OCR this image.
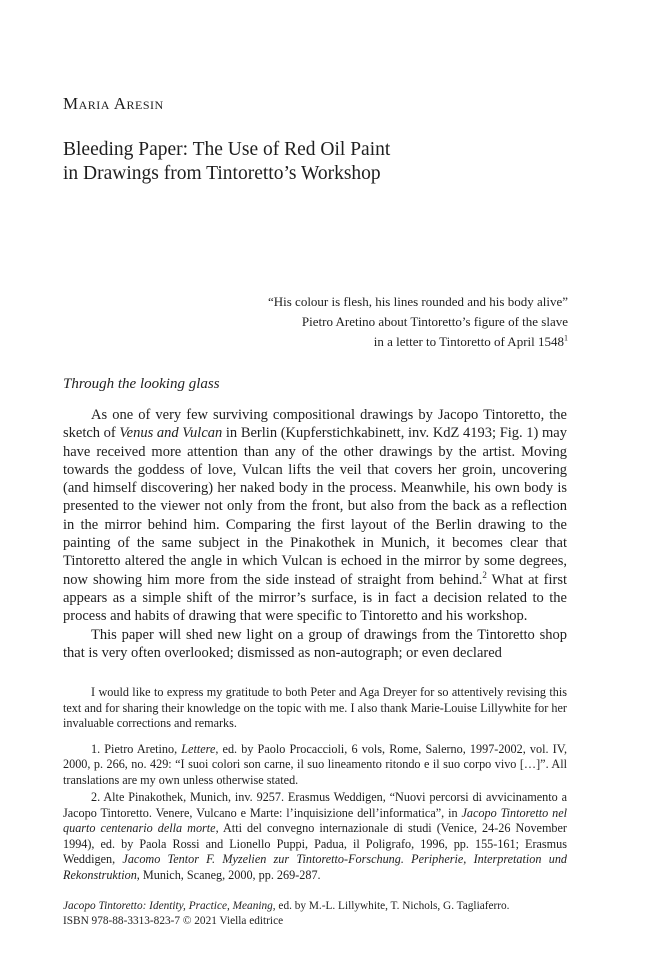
Maria Aresin
Bleeding Paper: The Use of Red Oil Paint
in Drawings from Tintoretto’s Workshop
“His colour is flesh, his lines rounded and his body alive”
Pietro Aretino about Tintoretto’s figure of the slave
in a letter to Tintoretto of April 1548$^1$
Through the looking glass

As one of very few surviving compositional drawings by Jacopo Tintoretto, the sketch of Venus and Vulcan in Berlin (Kupferstichkabinett, inv. KdZ 4193; Fig. 1) may have received more attention than any of the other drawings by the artist. Moving towards the goddess of love, Vulcan lifts the veil that covers her groin, uncovering (and himself discovering) her naked body in the process. Meanwhile, his own body is presented to the viewer not only from the front, but also from the back as a reflection in the mirror behind him. Comparing the first layout of the Berlin drawing to the painting of the same subject in the Pinakothek in Munich, it becomes clear that Tintoretto altered the angle in which Vulcan is echoed in the mirror by some degrees, now showing him more from the side instead of straight from behind.$^2$ What at first appears as a simple shift of the mirror’s surface, is in fact a decision related to the process and habits of drawing that were specific to Tintoretto and his workshop.

This paper will shed new light on a group of drawings from the Tintoretto shop that is very often overlooked; dismissed as non-autograph; or even declared

I would like to express my gratitude to both Peter and Aga Dreyer for so attentively revising this text and for sharing their knowledge on the topic with me. I also thank Marie-Louise Lillywhite for her invaluable corrections and remarks.

1. Pietro Aretino, Lettere, ed. by Paolo Procaccioli, 6 vols, Rome, Salerno, 1997-2002, vol. IV, 2000, p. 266, no. 429: “I suoi colori son carne, il suo lineamento ritondo e il suo corpo vivo […]”. All translations are my own unless otherwise stated.

2. Alte Pinakothek, Munich, inv. 9257. Erasmus Weddigen, “Nuovi percorsi di avvicinamento a Jacopo Tintoretto. Venere, Vulcano e Marte: l’inquisizione dell’informatica”, in Jacopo Tintoretto nel quarto centenario della morte, Atti del convegno internazionale di studi (Venice, 24-26 November 1994), ed. by Paola Rossi and Lionello Puppi, Padua, il Poligrafo, 1996, pp. 155-161; Erasmus Weddigen, Jacomo Tentor F. Myzelien zur Tintoretto-Forschung. Peripherie, Interpretation und Rekonstruktion, Munich, Scaneg, 2000, pp. 269-287.

Jacopo Tintoretto: Identity, Practice, Meaning, ed. by M.-L. Lillywhite, T. Nichols, G. Tagliaferro.
ISBN 978-88-3313-823-7 © 2021 Viella editrice
